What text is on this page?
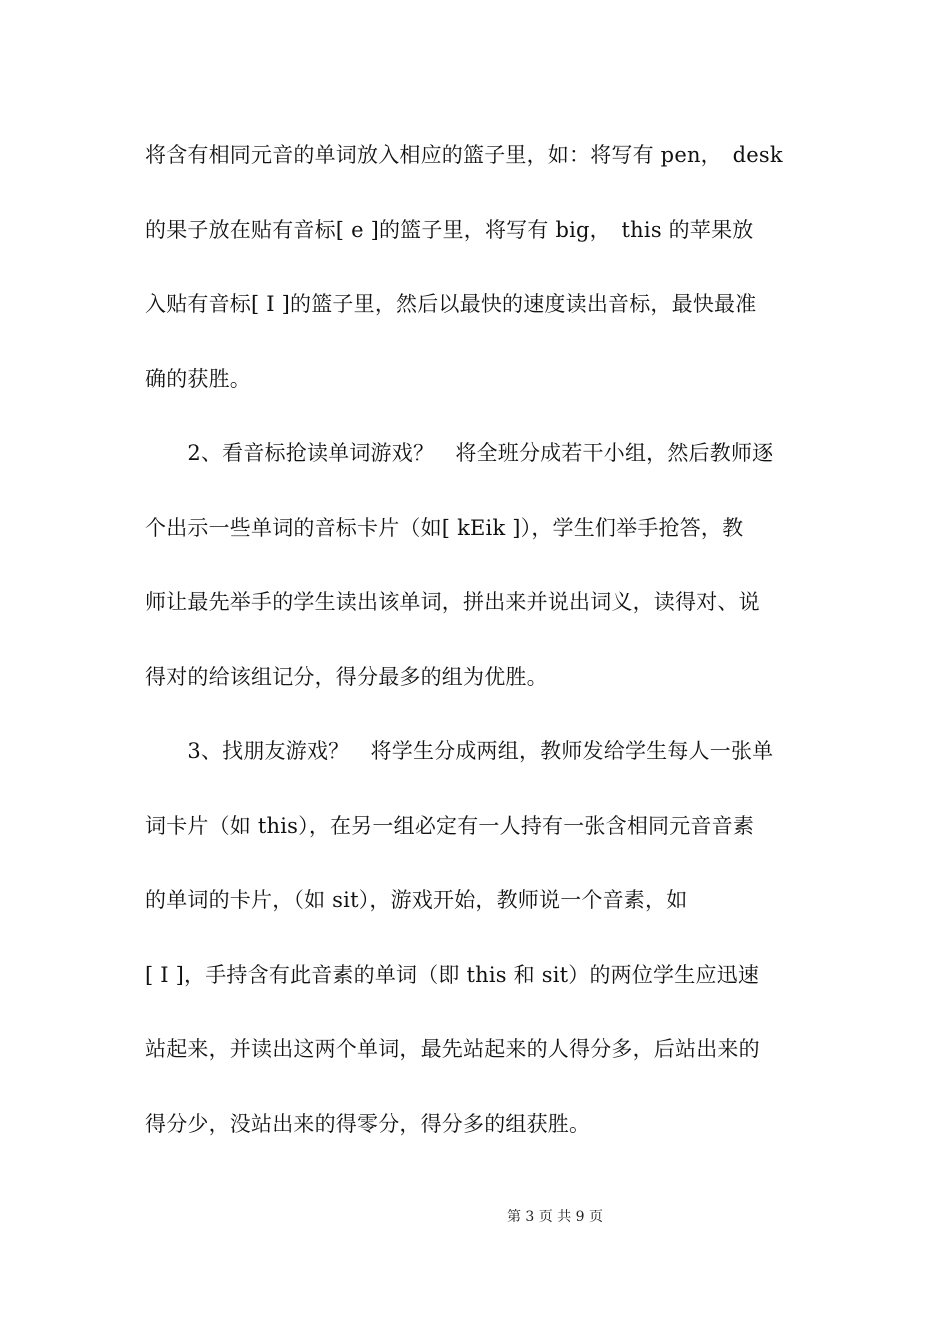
将含有相同元音的单词放入相应的篮子里，如：将写有 pen，　desk
的果子放在贴有音标[ e ]的篮子里，将写有 big，　this 的苹果放
入贴有音标[ I ]的篮子里，然后以最快的速度读出音标，最快最准
确的获胜。
　　2、看音标抢读单词游戏？　将全班分成若干小组，然后教师逐
个出示一些单词的音标卡片（如[ kEik ]），学生们举手抢答，教
师让最先举手的学生读出该单词，拼出来并说出词义，读得对、说
得对的给该组记分，得分最多的组为优胜。
　　3、找朋友游戏？　将学生分成两组，教师发给学生每人一张单
词卡片（如 this），在另一组必定有一人持有一张含相同元音音素
的单词的卡片，（如 sit），游戏开始，教师说一个音素，如
[ I ]，手持含有此音素的单词（即 this 和 sit）的两位学生应迅速
站起来，并读出这两个单词，最先站起来的人得分多，后站出来的
得分少，没站出来的得零分，得分多的组获胜。
第 3 页 共 9 页
